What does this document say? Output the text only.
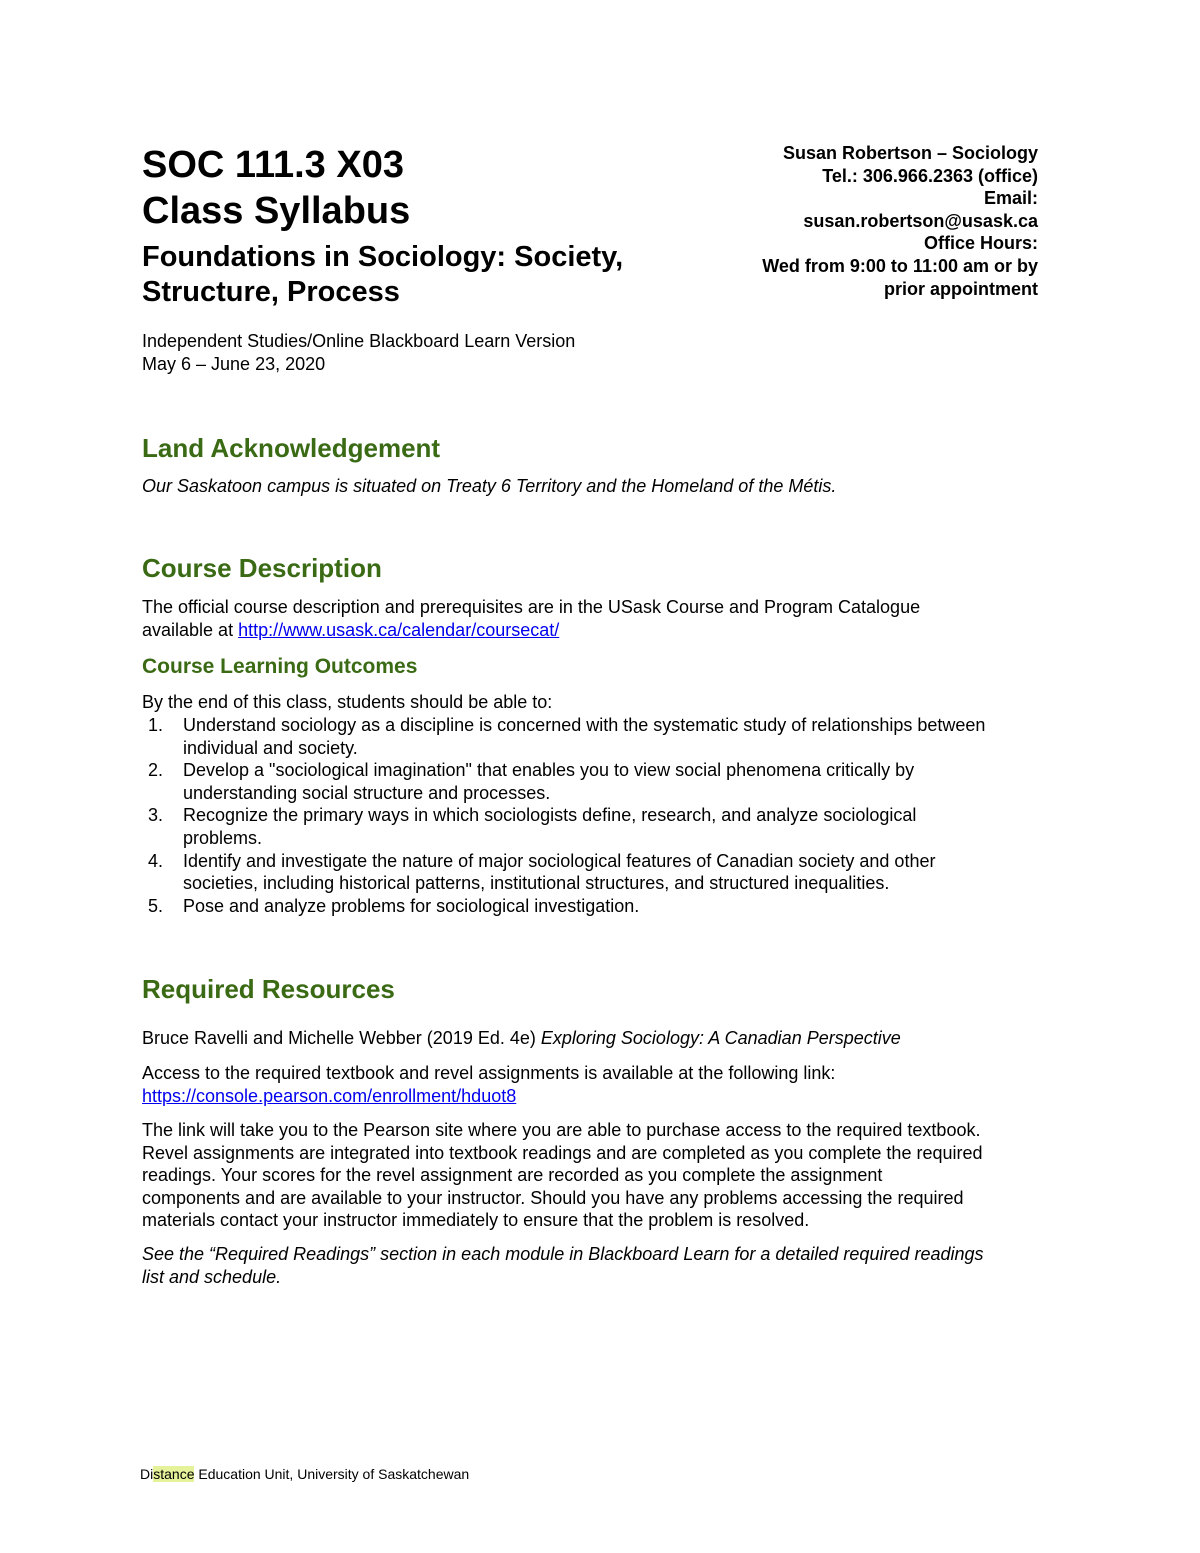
SOC 111.3 X03
Class Syllabus
Foundations in Sociology: Society, Structure, Process
Susan Robertson – Sociology
Tel.: 306.966.2363 (office)
Email:
susan.robertson@usask.ca
Office Hours:
Wed from 9:00 to 11:00 am or by
prior appointment
Independent Studies/Online Blackboard Learn Version
May 6 – June 23, 2020
Land Acknowledgement
Our Saskatoon campus is situated on Treaty 6 Territory and the Homeland of the Métis.
Course Description
The official course description and prerequisites are in the USask Course and Program Catalogue
available at http://www.usask.ca/calendar/coursecat/
Course Learning Outcomes
By the end of this class, students should be able to:
1. Understand sociology as a discipline is concerned with the systematic study of relationships between
individual and society.
2. Develop a "sociological imagination" that enables you to view social phenomena critically by
understanding social structure and processes.
3. Recognize the primary ways in which sociologists define, research, and analyze sociological
problems.
4. Identify and investigate the nature of major sociological features of Canadian society and other
societies, including historical patterns, institutional structures, and structured inequalities.
5. Pose and analyze problems for sociological investigation.
Required Resources
Bruce Ravelli and Michelle Webber (2019 Ed. 4e) Exploring Sociology: A Canadian Perspective
Access to the required textbook and revel assignments is available at the following link:
https://console.pearson.com/enrollment/hduot8
The link will take you to the Pearson site where you are able to purchase access to the required textbook.
Revel assignments are integrated into textbook readings and are completed as you complete the required
readings. Your scores for the revel assignment are recorded as you complete the assignment
components and are available to your instructor. Should you have any problems accessing the required
materials contact your instructor immediately to ensure that the problem is resolved.
See the “Required Readings” section in each module in Blackboard Learn for a detailed required readings
list and schedule.
Distance Education Unit, University of Saskatchewan
